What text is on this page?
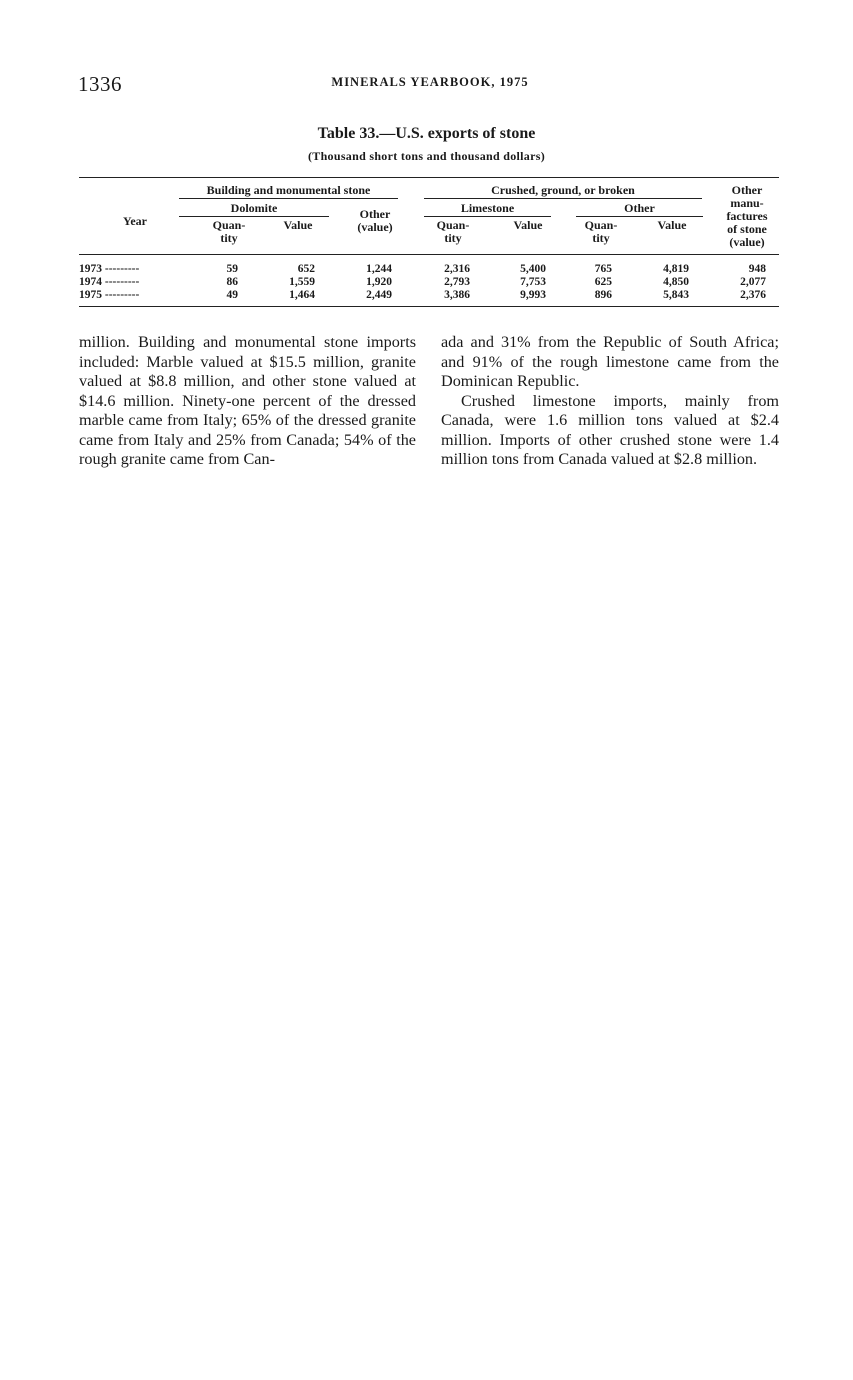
1336	MINERALS YEARBOOK, 1975
Table 33.—U.S. exports of stone
(Thousand short tons and thousand dollars)
Year
Building and monumental stone
Dolomite
Quan-
tity
Value
Other
(value)
Crushed, ground, or broken
Limestone
Quan-
tity
Value
Other
Quan-
tity
Value
Other
manu-
factures
of stone
(value)
1973 ---------	59	652	1,244	2,316	5,400	765	4,819	948
1974 ---------	86	1,559	1,920	2,793	7,753	625	4,850	2,077
1975 ---------	49	1,464	2,449	3,386	9,993	896	5,843	2,376

million. Building and monumental stone imports included: Marble valued at $15.5 million, granite valued at $8.8 million, and other stone valued at $14.6 million. Ninety-one percent of the dressed marble came from Italy; 65% of the dressed granite came from Italy and 25% from Canada; 54% of the rough granite came from Can-

ada and 31% from the Republic of South Africa; and 91% of the rough limestone came from the Dominican Republic.

Crushed limestone imports, mainly from Canada, were 1.6 million tons valued at $2.4 million. Imports of other crushed stone were 1.4 million tons from Canada valued at $2.8 million.
